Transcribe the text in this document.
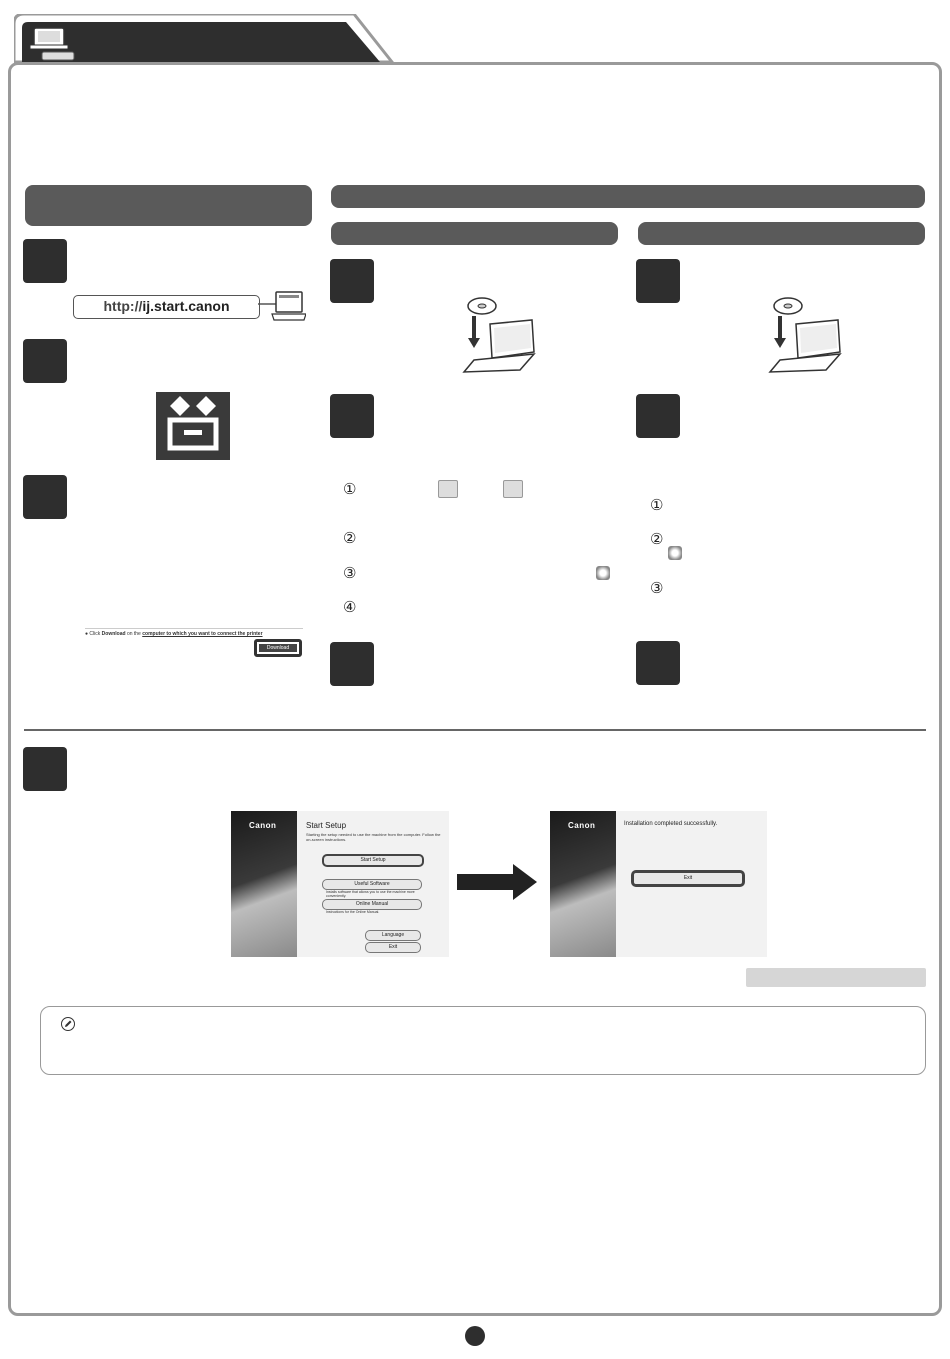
http://ij.start.canon
● Click Download on the computer to which you want to connect the printer
Download
①
②
③
④
①
②
③
Canon	Start Setup
Starting the setup needed to use the machine from the computer. Follow the on-screen instructions.
Start Setup
Useful Software
Installs software that allows you to use the machine more conveniently.
Online Manual
Instructions for the Online Manual.
Language
Exit
Canon	Installation completed successfully.
Exit
